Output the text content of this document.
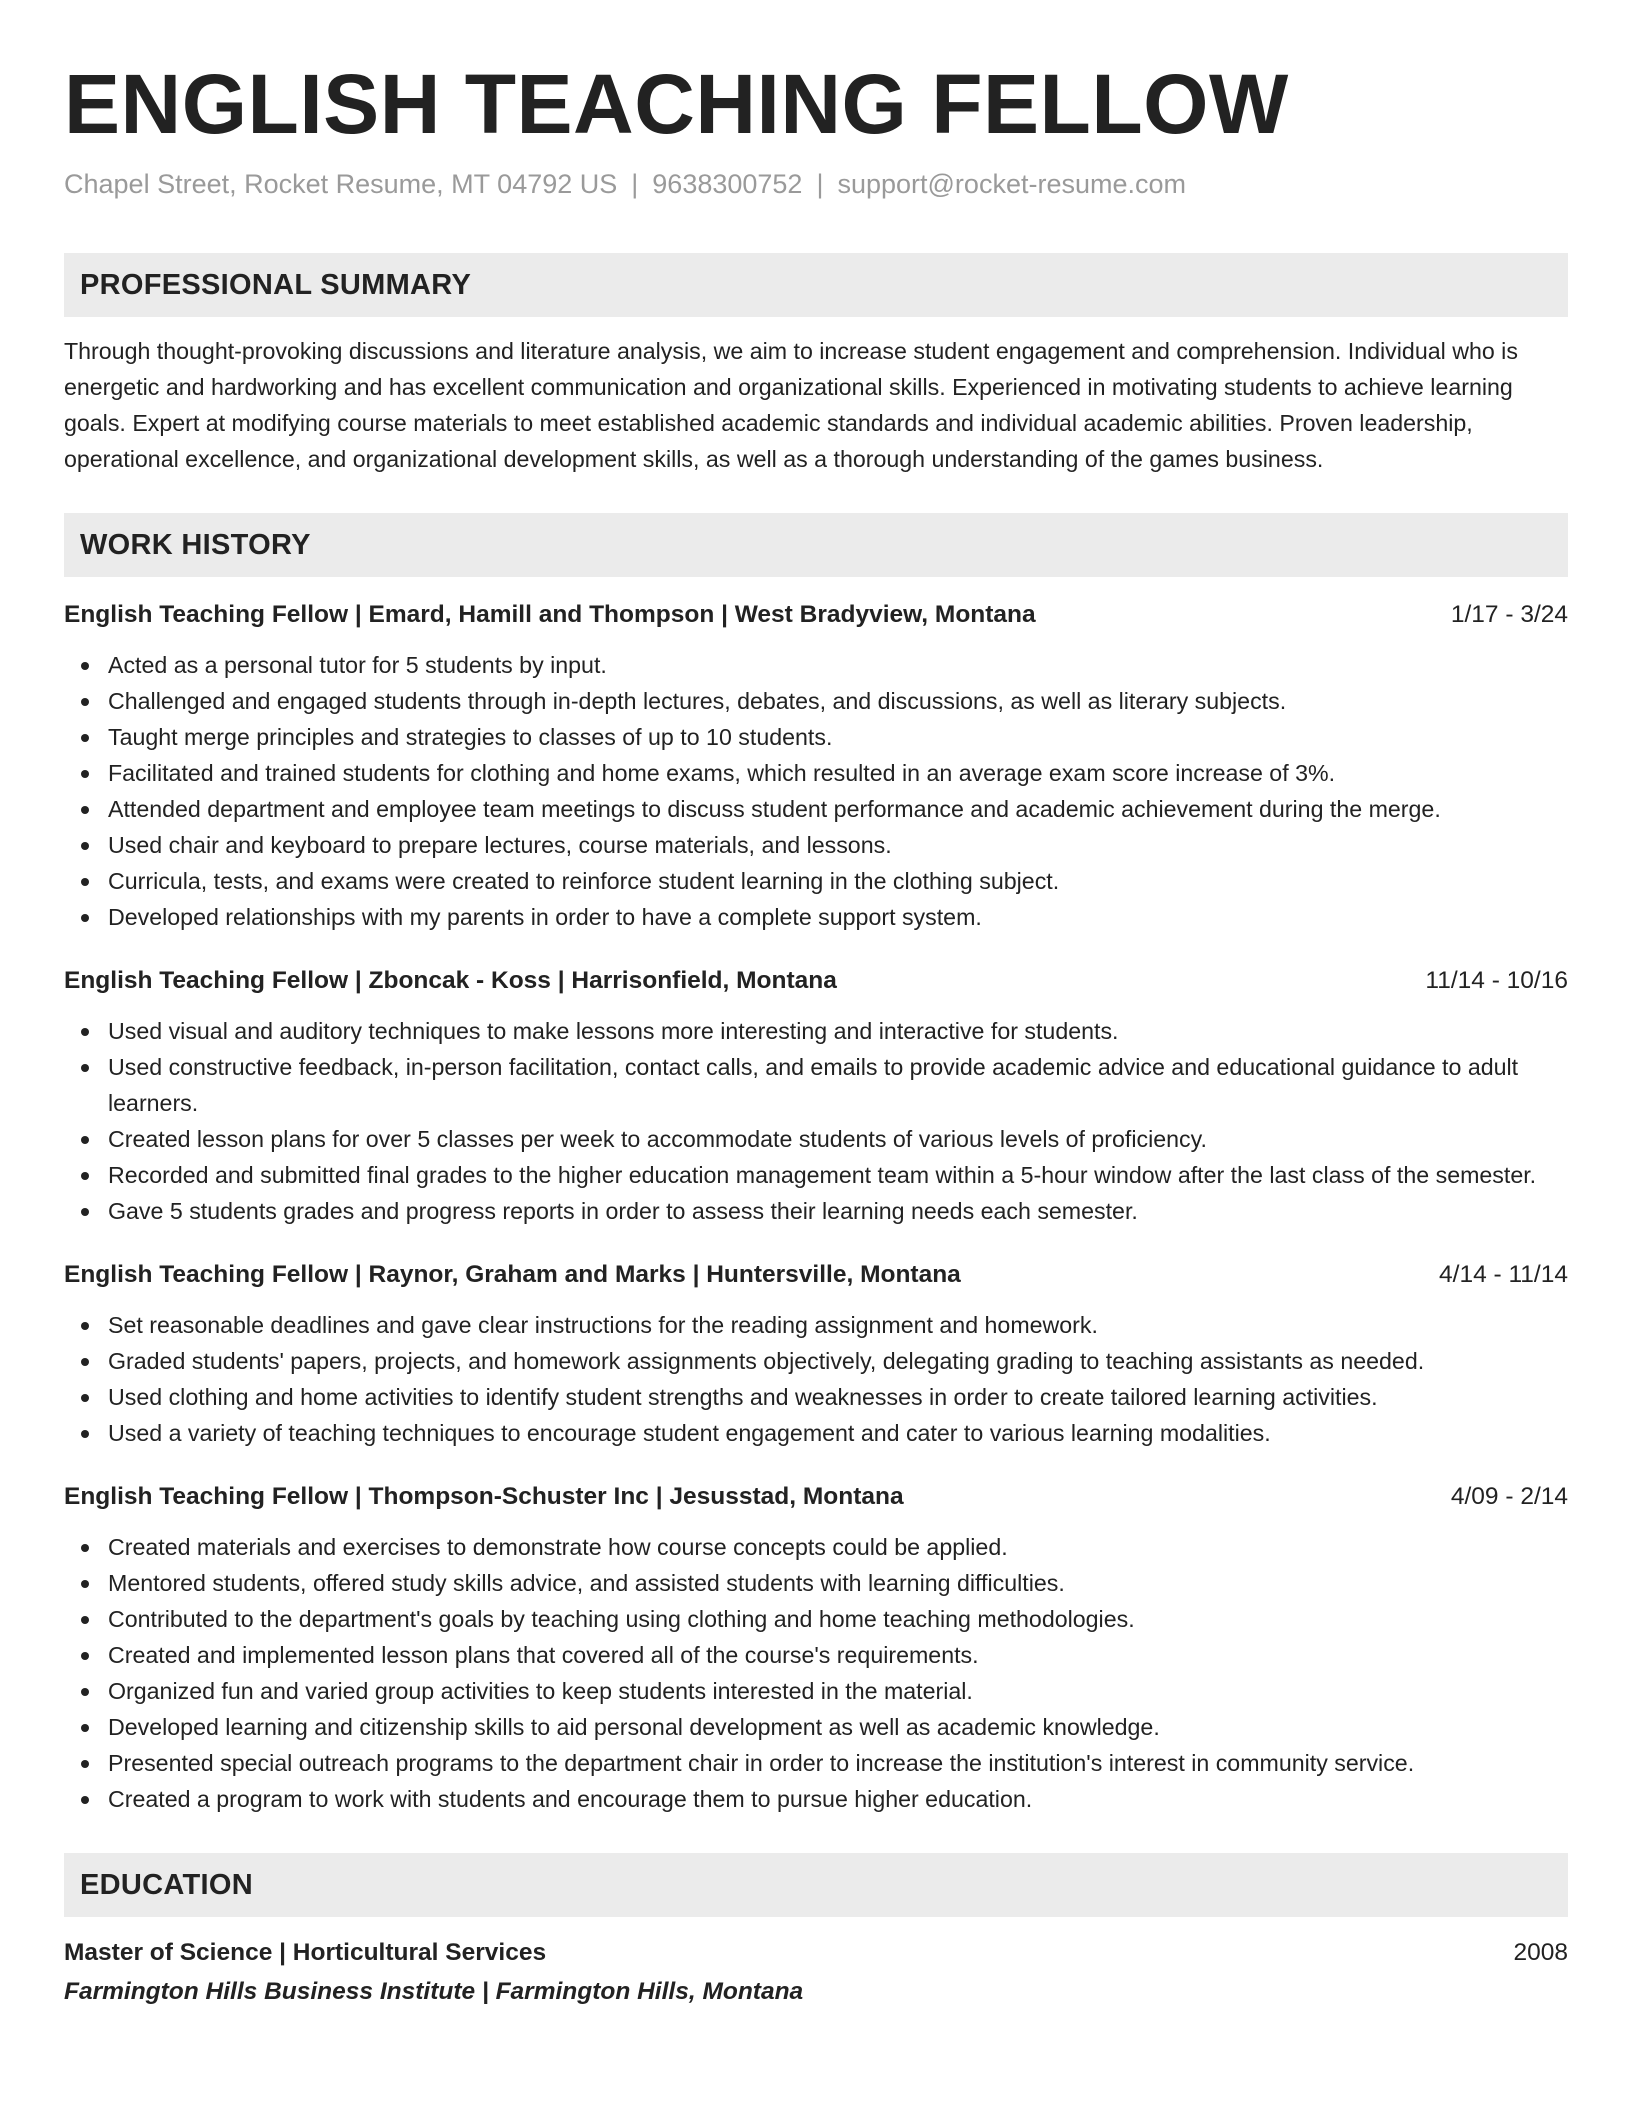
ENGLISH TEACHING FELLOW
Chapel Street, Rocket Resume, MT 04792 US | 9638300752 | support@rocket-resume.com
PROFESSIONAL SUMMARY

Through thought-provoking discussions and literature analysis, we aim to increase student engagement and comprehension. Individual who is energetic and hardworking and has excellent communication and organizational skills. Experienced in motivating students to achieve learning goals. Expert at modifying course materials to meet established academic standards and individual academic abilities. Proven leadership, operational excellence, and organizational development skills, as well as a thorough understanding of the games business.

WORK HISTORY
English Teaching Fellow | Emard, Hamill and Thompson | West Bradyview, Montana	1/17 - 3/24
Acted as a personal tutor for 5 students by input.
Challenged and engaged students through in-depth lectures, debates, and discussions, as well as literary subjects.
Taught merge principles and strategies to classes of up to 10 students.
Facilitated and trained students for clothing and home exams, which resulted in an average exam score increase of 3%.
Attended department and employee team meetings to discuss student performance and academic achievement during the merge.
Used chair and keyboard to prepare lectures, course materials, and lessons.
Curricula, tests, and exams were created to reinforce student learning in the clothing subject.
Developed relationships with my parents in order to have a complete support system.
English Teaching Fellow | Zboncak - Koss | Harrisonfield, Montana	11/14 - 10/16
Used visual and auditory techniques to make lessons more interesting and interactive for students.
Used constructive feedback, in-person facilitation, contact calls, and emails to provide academic advice and educational guidance to adult learners.
Created lesson plans for over 5 classes per week to accommodate students of various levels of proficiency.
Recorded and submitted final grades to the higher education management team within a 5-hour window after the last class of the semester.
Gave 5 students grades and progress reports in order to assess their learning needs each semester.
English Teaching Fellow | Raynor, Graham and Marks | Huntersville, Montana	4/14 - 11/14
Set reasonable deadlines and gave clear instructions for the reading assignment and homework.
Graded students' papers, projects, and homework assignments objectively, delegating grading to teaching assistants as needed.
Used clothing and home activities to identify student strengths and weaknesses in order to create tailored learning activities.
Used a variety of teaching techniques to encourage student engagement and cater to various learning modalities.
English Teaching Fellow | Thompson-Schuster Inc | Jesusstad, Montana	4/09 - 2/14
Created materials and exercises to demonstrate how course concepts could be applied.
Mentored students, offered study skills advice, and assisted students with learning difficulties.
Contributed to the department's goals by teaching using clothing and home teaching methodologies.
Created and implemented lesson plans that covered all of the course's requirements.
Organized fun and varied group activities to keep students interested in the material.
Developed learning and citizenship skills to aid personal development as well as academic knowledge.
Presented special outreach programs to the department chair in order to increase the institution's interest in community service.
Created a program to work with students and encourage them to pursue higher education.
EDUCATION
Master of Science | Horticultural Services	2008
Farmington Hills Business Institute | Farmington Hills, Montana
